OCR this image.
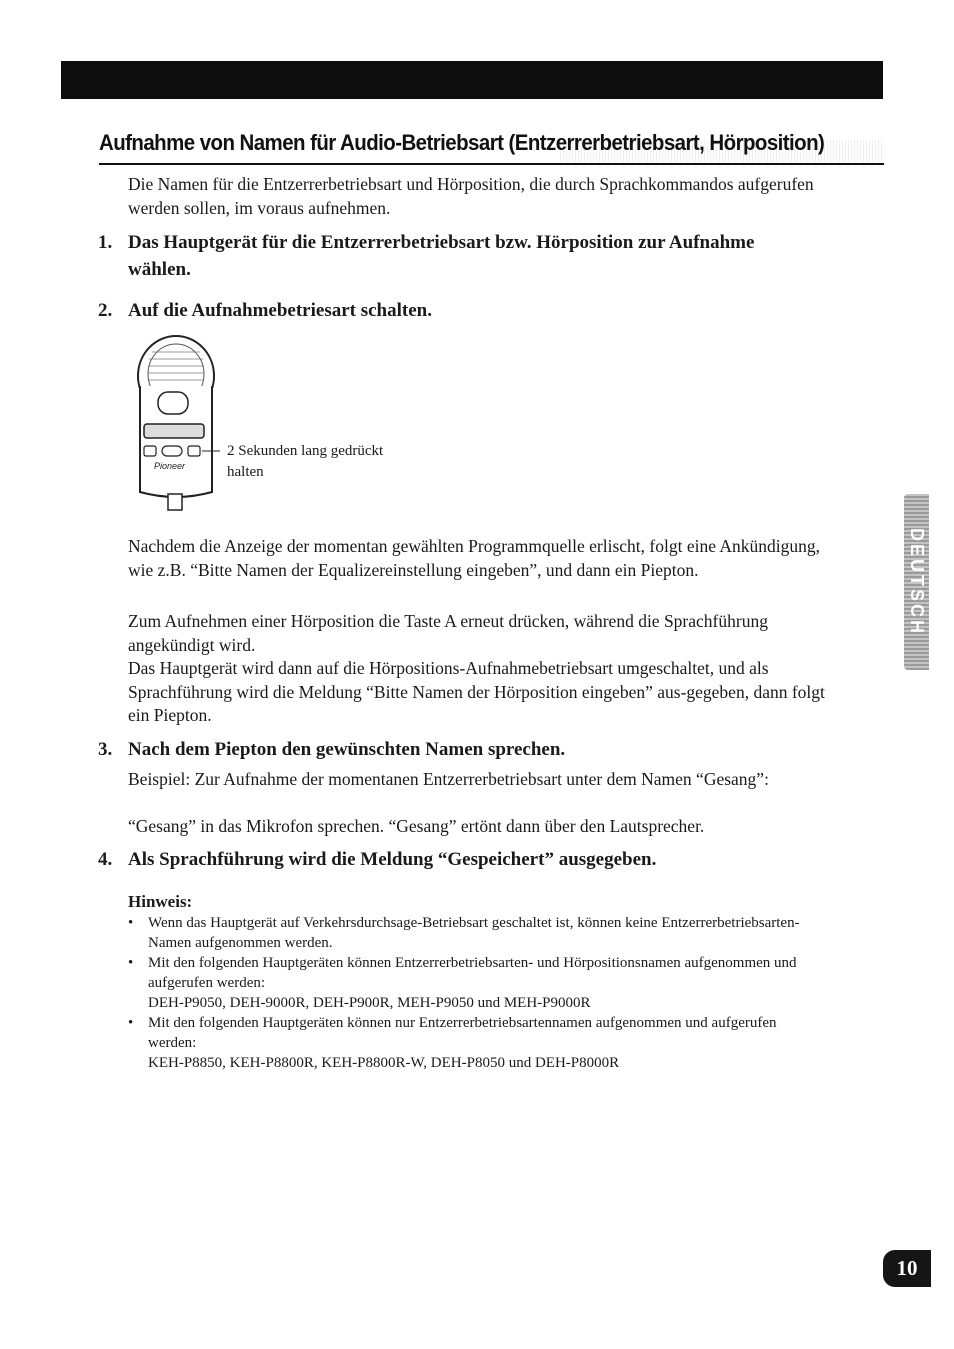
Aufnahme von Namen für Audio-Betriebsart (Entzerrerbetriebsart, Hörposition)

Die Namen für die Entzerrerbetriebsart und Hörposition, die durch Sprachkommandos aufgerufen werden sollen, im voraus aufnehmen.

1. Das Hauptgerät für die Entzerrerbetriebsart bzw. Hörposition zur Aufnahme wählen.
2. Auf die Aufnahmebetriesart schalten.
Pioneer

2 Sekunden lang gedrückt halten

Nachdem die Anzeige der momentan gewählten Programmquelle erlischt, folgt eine Ankündigung, wie z.B. “Bitte Namen der Equalizereinstellung eingeben”, und dann ein Piepton.

Zum Aufnehmen einer Hörposition die Taste A erneut drücken, während die Sprachführung angekündigt wird.

Das Hauptgerät wird dann auf die Hörpositions-Aufnahmebetriebsart umgeschaltet, und als Sprachführung wird die Meldung “Bitte Namen der Hörposition eingeben” aus-gegeben, dann folgt ein Piepton.

3. Nach dem Piepton den gewünschten Namen sprechen.

Beispiel: Zur Aufnahme der momentanen Entzerrerbetriebsart unter dem Namen “Gesang”:

“Gesang” in das Mikrofon sprechen. “Gesang” ertönt dann über den Lautsprecher.

4. Als Sprachführung wird die Meldung “Gespeichert” ausgegeben.

Hinweis:

• Wenn das Hauptgerät auf Verkehrsdurchsage-Betriebsart geschaltet ist, können keine Entzerrerbetriebsarten-Namen aufgenommen werden.
• Mit den folgenden Hauptgeräten können Entzerrerbetriebsarten- und Hörpositionsnamen aufgenommen und aufgerufen werden:
DEH-P9050, DEH-9000R, DEH-P900R, MEH-P9050 und MEH-P9000R
• Mit den folgenden Hauptgeräten können nur Entzerrerbetriebsartennamen aufgenommen und aufgerufen werden:
KEH-P8850, KEH-P8800R, KEH-P8800R-W, DEH-P8050 und DEH-P8000R
DEUTSCH
10
